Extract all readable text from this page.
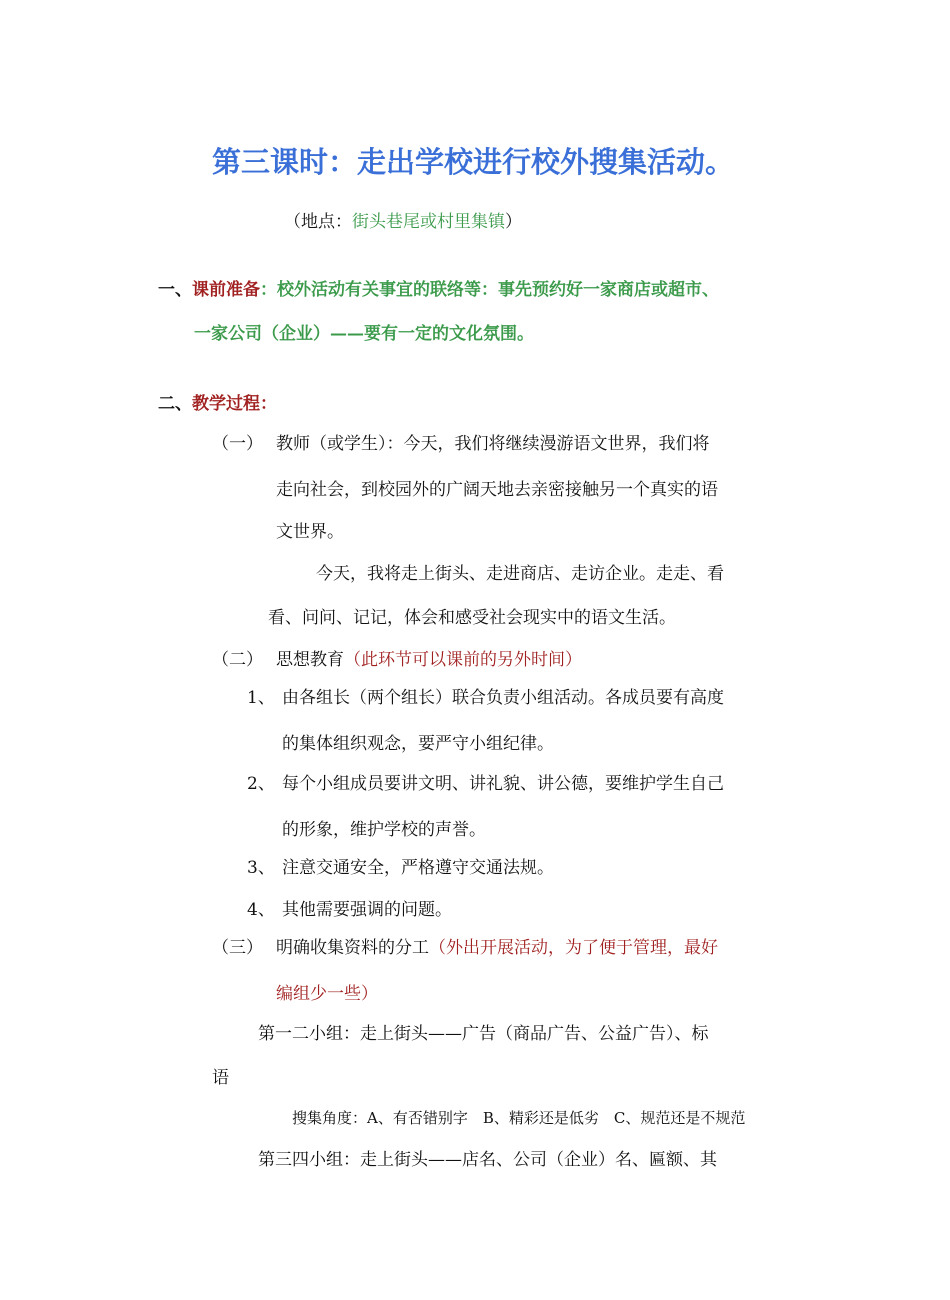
第三课时：走出学校进行校外搜集活动。
（地点：街头巷尾或村里集镇）
一、课前准备：校外活动有关事宜的联络等：事先预约好一家商店或超市、
一家公司（企业）——要有一定的文化氛围。
二、教学过程：
（一） 教师（或学生）：今天，我们将继续漫游语文世界，我们将
走向社会，到校园外的广阔天地去亲密接触另一个真实的语
文世界。
今天，我将走上街头、走进商店、走访企业。走走、看
看、问问、记记，体会和感受社会现实中的语文生活。
（二） 思想教育（此环节可以课前的另外时间）
1、 由各组长（两个组长）联合负责小组活动。各成员要有高度
的集体组织观念，要严守小组纪律。
2、 每个小组成员要讲文明、讲礼貌、讲公德，要维护学生自己
的形象，维护学校的声誉。
3、 注意交通安全，严格遵守交通法规。
4、 其他需要强调的问题。
（三） 明确收集资料的分工（外出开展活动，为了便于管理，最好
编组少一些）
第一二小组：走上街头——广告（商品广告、公益广告）、标
语
搜集角度：A、有否错别字　B、精彩还是低劣　C、规范还是不规范
第三四小组：走上街头——店名、公司（企业）名、匾额、其
